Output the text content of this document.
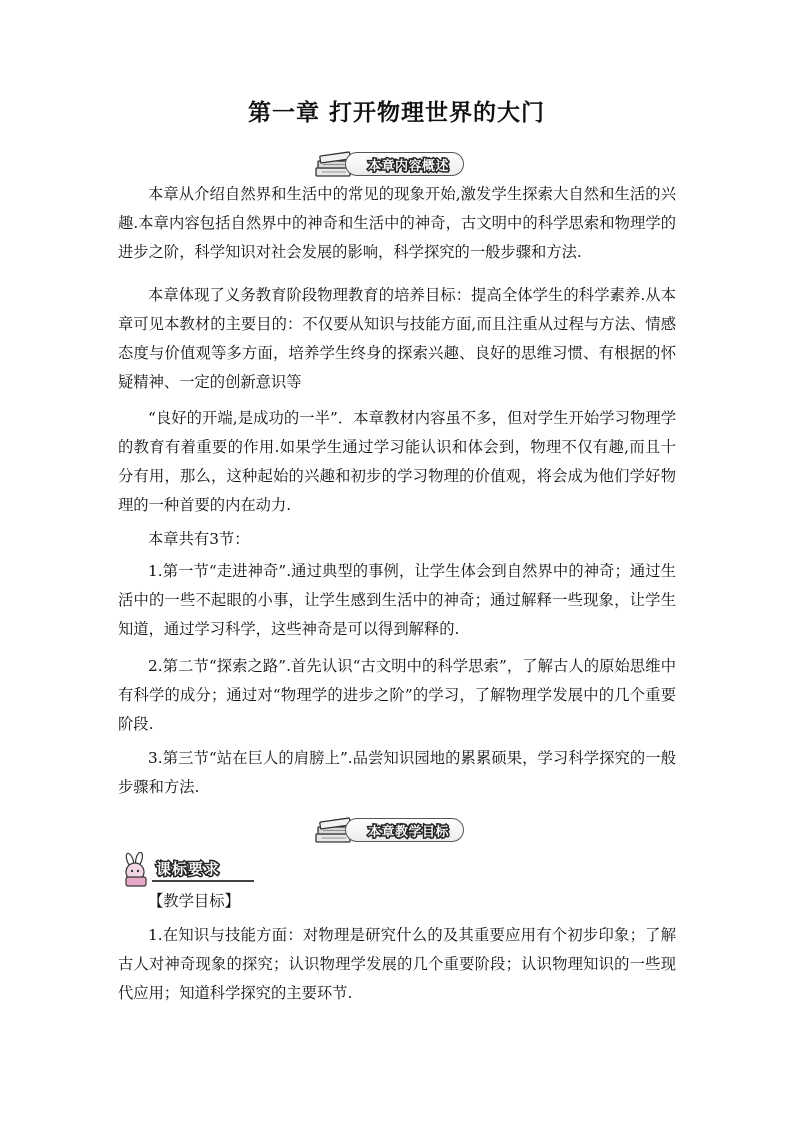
第一章 打开物理世界的大门
本章内容概述

本章从介绍自然界和生活中的常见的现象开始,激发学生探索大自然和生活的兴趣.本章内容包括自然界中的神奇和生活中的神奇，古文明中的科学思索和物理学的进步之阶，科学知识对社会发展的影响，科学探究的一般步骤和方法.

本章体现了义务教育阶段物理教育的培养目标：提高全体学生的科学素养.从本章可见本教材的主要目的：不仅要从知识与技能方面,而且注重从过程与方法、情感态度与价值观等多方面，培养学生终身的探索兴趣、良好的思维习惯、有根据的怀疑精神、一定的创新意识等

“良好的开端,是成功的一半”．本章教材内容虽不多，但对学生开始学习物理学的教育有着重要的作用.如果学生通过学习能认识和体会到，物理不仅有趣,而且十分有用，那么，这种起始的兴趣和初步的学习物理的价值观，将会成为他们学好物理的一种首要的内在动力.

本章共有3节：

1.第一节“走进神奇”.通过典型的事例，让学生体会到自然界中的神奇；通过生活中的一些不起眼的小事，让学生感到生活中的神奇；通过解释一些现象，让学生知道，通过学习科学，这些神奇是可以得到解释的.

2.第二节“探索之路”.首先认识“古文明中的科学思索”，了解古人的原始思维中有科学的成分；通过对“物理学的进步之阶”的学习，了解物理学发展中的几个重要阶段.

3.第三节“站在巨人的肩膀上”.品尝知识园地的累累硕果，学习科学探究的一般步骤和方法.

本章教学目标
课标要求

【教学目标】

1.在知识与技能方面：对物理是研究什么的及其重要应用有个初步印象；了解古人对神奇现象的探究；认识物理学发展的几个重要阶段；认识物理知识的一些现代应用；知道科学探究的主要环节.
